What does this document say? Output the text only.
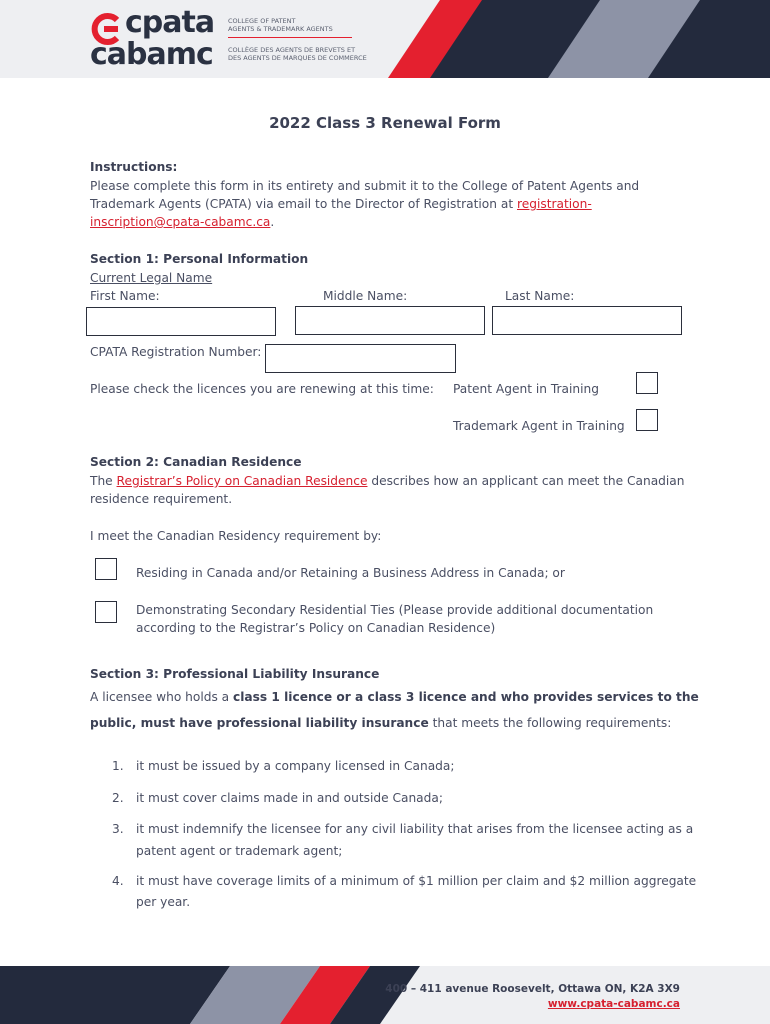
cpata
cabamc
COLLEGE OF PATENT
AGENTS & TRADEMARK AGENTS
COLLÈGE DES AGENTS DE BREVETS ET
DES AGENTS DE MARQUES DE COMMERCE
2022 Class 3 Renewal Form
Instructions:
Please complete this form in its entirety and submit it to the College of Patent Agents and
Trademark Agents (CPATA) via email to the Director of Registration at registration-
inscription@cpata-cabamc.ca.
Section 1: Personal Information
Current Legal Name
First Name:	Middle Name:	Last Name:
CPATA Registration Number:
Please check the licences you are renewing at this time: Patent Agent in Training
Trademark Agent in Training
Section 2: Canadian Residence
The Registrar’s Policy on Canadian Residence describes how an applicant can meet the Canadian
residence requirement.
I meet the Canadian Residency requirement by:
Residing in Canada and/or Retaining a Business Address in Canada; or
Demonstrating Secondary Residential Ties (Please provide additional documentation
according to the Registrar’s Policy on Canadian Residence)
Section 3: Professional Liability Insurance
A licensee who holds a class 1 licence or a class 3 licence and who provides services to the
public, must have professional liability insurance that meets the following requirements:
1. it must be issued by a company licensed in Canada;
2. it must cover claims made in and outside Canada;
3. it must indemnify the licensee for any civil liability that arises from the licensee acting as a
patent agent or trademark agent;
4. it must have coverage limits of a minimum of $1 million per claim and $2 million aggregate
per year.
400 – 411 avenue Roosevelt, Ottawa ON, K2A 3X9
www.cpata-cabamc.ca
